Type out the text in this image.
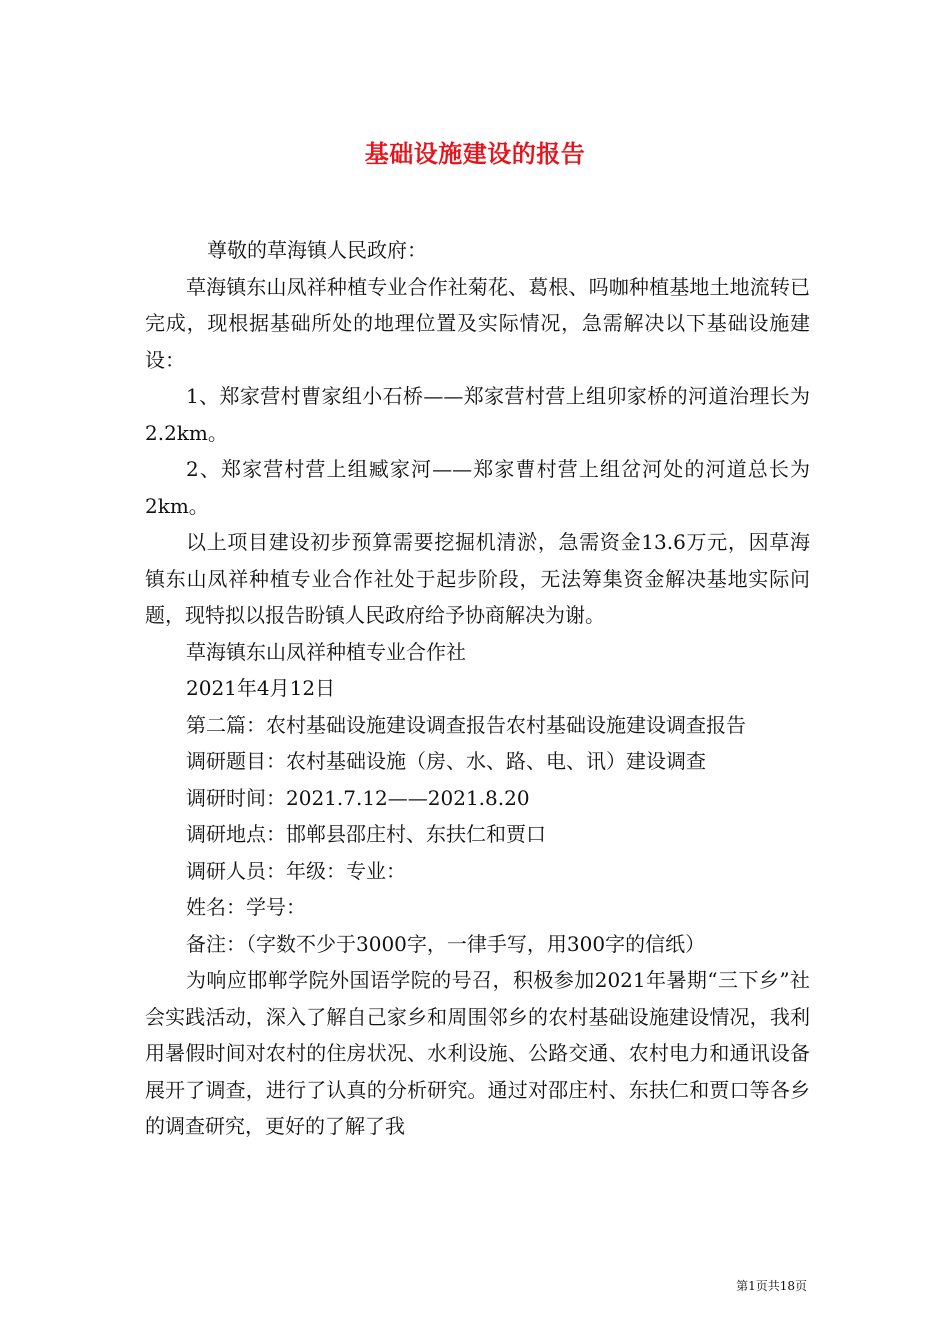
基础设施建设的报告

尊敬的草海镇人民政府：

草海镇东山凤祥种植专业合作社菊花、葛根、吗咖种植基地土地流转已完成，现根据基础所处的地理位置及实际情况，急需解决以下基础设施建设：

1、郑家营村曹家组小石桥——郑家营村营上组卯家桥的河道治理长为2.2km。

2、郑家营村营上组臧家河——郑家曹村营上组岔河处的河道总长为2km。

以上项目建设初步预算需要挖掘机清淤，急需资金13.6万元，因草海镇东山凤祥种植专业合作社处于起步阶段，无法筹集资金解决基地实际问题，现特拟以报告盼镇人民政府给予协商解决为谢。

草海镇东山凤祥种植专业合作社

2021年4月12日

第二篇：农村基础设施建设调查报告农村基础设施建设调查报告

调研题目：农村基础设施（房、水、路、电、讯）建设调查

调研时间：2021.7.12——2021.8.20

调研地点：邯郸县邵庄村、东扶仁和贾口

调研人员：年级：专业：

姓名：学号：

备注：（字数不少于3000字，一律手写，用300字的信纸）

为响应邯郸学院外国语学院的号召，积极参加2021年暑期“三下乡”社会实践活动，深入了解自己家乡和周围邻乡的农村基础设施建设情况，我利用暑假时间对农村的住房状况、水利设施、公路交通、农村电力和通讯设备展开了调查，进行了认真的分析研究。通过对邵庄村、东扶仁和贾口等各乡的调查研究，更好的了解了我

第1页共18页
